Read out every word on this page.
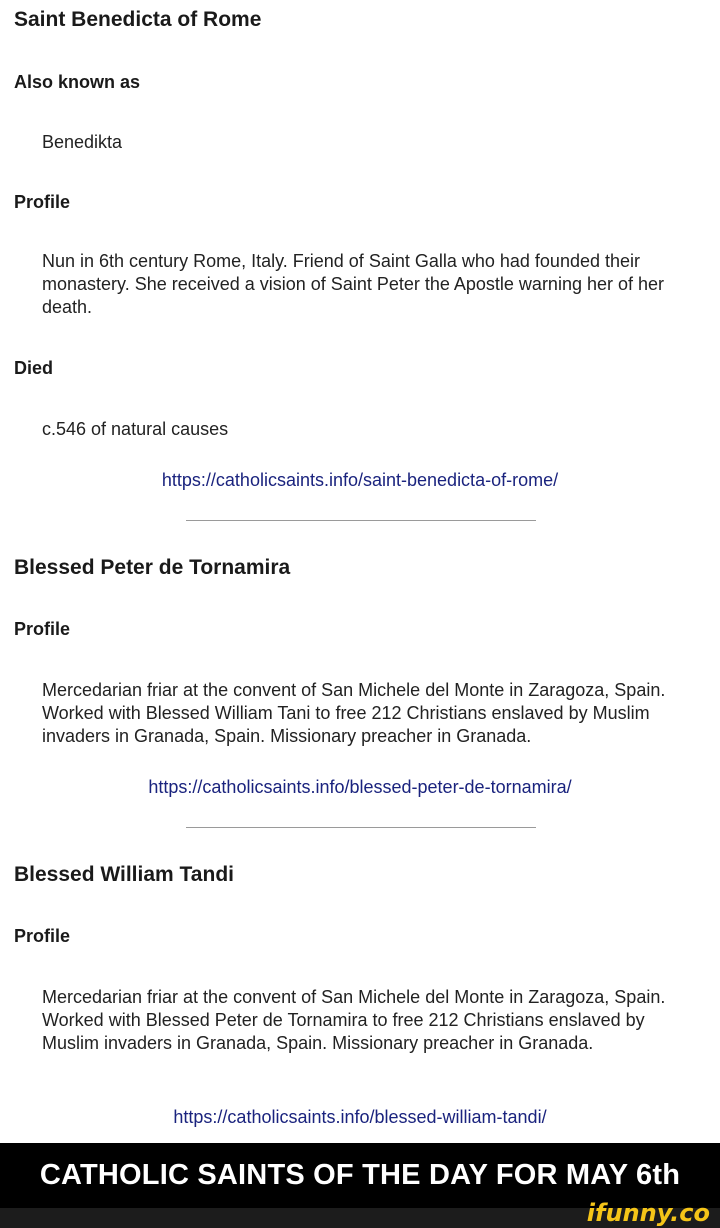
Saint Benedicta of Rome
Also known as
Benedikta
Profile
Nun in 6th century Rome, Italy. Friend of Saint Galla who had founded their monastery. She received a vision of Saint Peter the Apostle warning her of her death.
Died
c.546 of natural causes
https://catholicsaints.info/saint-benedicta-of-rome/
Blessed Peter de Tornamira
Profile
Mercedarian friar at the convent of San Michele del Monte in Zaragoza, Spain. Worked with Blessed William Tani to free 212 Christians enslaved by Muslim invaders in Granada, Spain. Missionary preacher in Granada.
https://catholicsaints.info/blessed-peter-de-tornamira/
Blessed William Tandi
Profile
Mercedarian friar at the convent of San Michele del Monte in Zaragoza, Spain. Worked with Blessed Peter de Tornamira to free 212 Christians enslaved by Muslim invaders in Granada, Spain. Missionary preacher in Granada.
https://catholicsaints.info/blessed-william-tandi/
CATHOLIC SAINTS OF THE DAY FOR MAY 6th
ifunny.co
